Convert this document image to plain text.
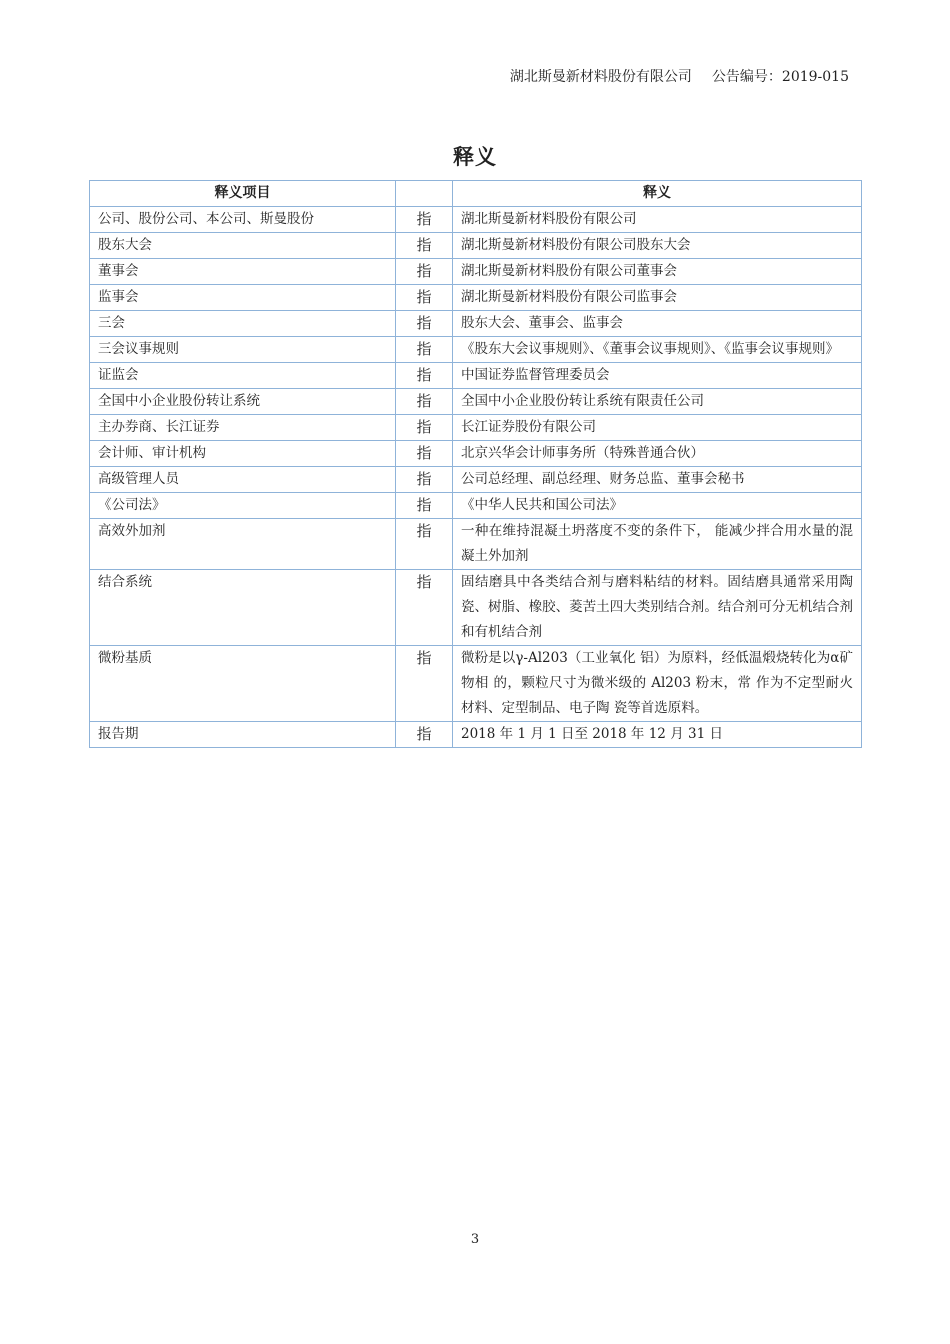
湖北斯曼新材料股份有限公司 公告编号：2019-015
释义
释义项目		释义
公司、股份公司、本公司、斯曼股份	指	湖北斯曼新材料股份有限公司
股东大会	指	湖北斯曼新材料股份有限公司股东大会
董事会	指	湖北斯曼新材料股份有限公司董事会
监事会	指	湖北斯曼新材料股份有限公司监事会
三会	指	股东大会、董事会、监事会
三会议事规则	指	《股东大会议事规则》、《董事会议事规则》、《监事会议事规则》
证监会	指	中国证券监督管理委员会
全国中小企业股份转让系统	指	全国中小企业股份转让系统有限责任公司
主办券商、长江证券	指	长江证券股份有限公司
会计师、审计机构	指	北京兴华会计师事务所（特殊普通合伙）
高级管理人员	指	公司总经理、副总经理、财务总监、董事会秘书
《公司法》	指	《中华人民共和国公司法》
高效外加剂	指	一种在维持混凝土坍落度不变的条件下， 能减少拌合用水量的混凝土外加剂
结合系统	指	固结磨具中各类结合剂与磨料粘结的材料。固结磨具通常采用陶瓷、树脂、橡胶、菱苦土四大类别结合剂。结合剂可分无机结合剂和有机结合剂
微粉基质	指	微粉是以γ-Al203（工业氧化 铝）为原料，经低温煅烧转化为α矿物相 的，颗粒尺寸为微米级的 Al203 粉末，常 作为不定型耐火材料、定型制品、电子陶 瓷等首选原料。
报告期	指	2018 年 1 月 1 日至 2018 年 12 月 31 日
3
